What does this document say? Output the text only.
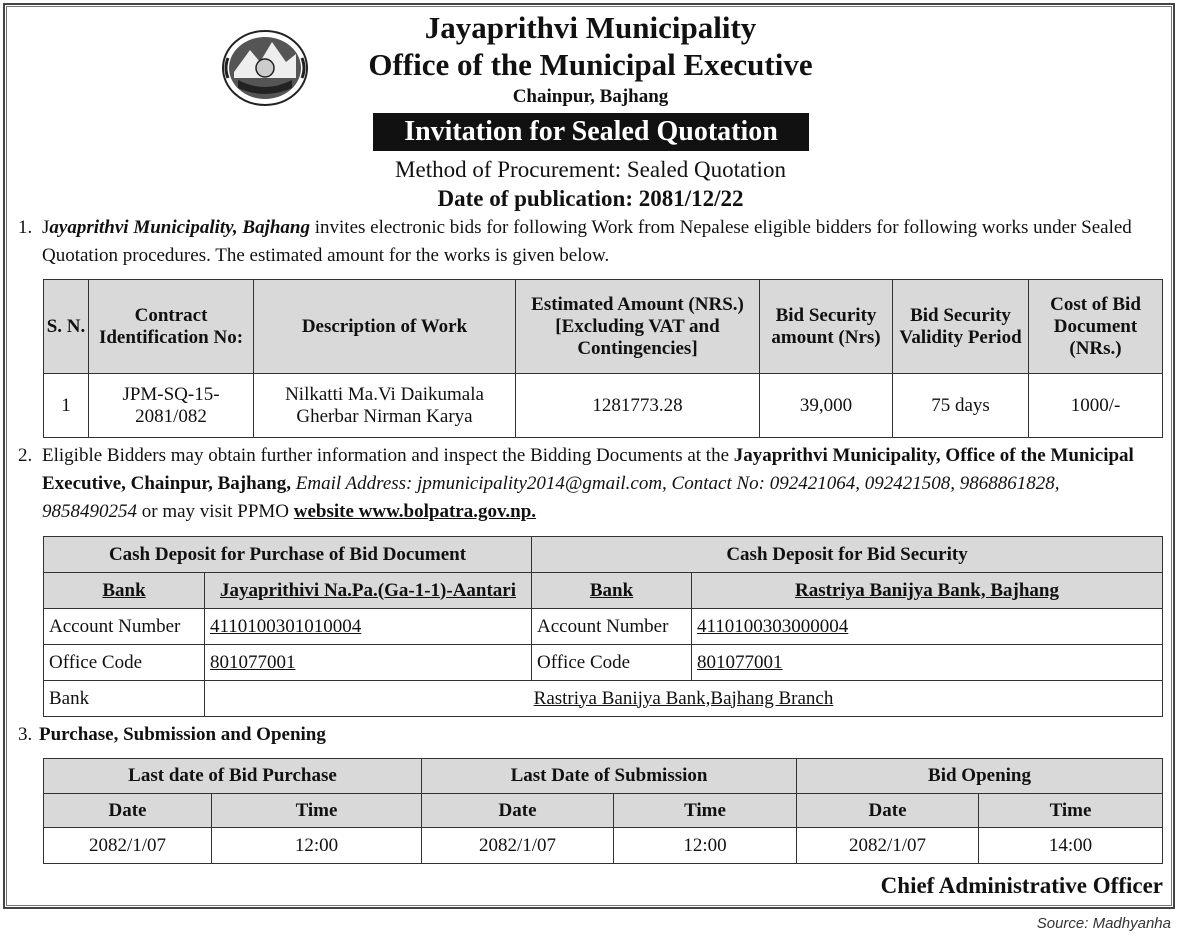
Jayaprithvi Municipality
Office of the Municipal Executive
Chainpur, Bajhang
Invitation for Sealed Quotation
Method of Procurement: Sealed Quotation
Date of publication: 2081/12/22
1. Jayaprithvi Municipality, Bajhang invites electronic bids for following Work from Nepalese eligible bidders for following works under Sealed Quotation procedures. The estimated amount for the works is given below.
S. N.	Contract Identification No:	Description of Work	Estimated Amount (NRS.) [Excluding VAT and Contingencies]	Bid Security amount (Nrs)	Bid Security Validity Period	Cost of Bid Document (NRs.)
1	JPM-SQ-15-2081/082	Nilkatti Ma.Vi Daikumala Gherbar Nirman Karya	1281773.28	39,000	75 days	1000/-
2. Eligible Bidders may obtain further information and inspect the Bidding Documents at the Jayaprithvi Municipality, Office of the Municipal Executive, Chainpur, Bajhang, Email Address: jpmunicipality2014@gmail.com, Contact No: 092421064, 092421508, 9868861828, 9858490254 or may visit PPMO website www.bolpatra.gov.np.
Cash Deposit for Purchase of Bid Document		Cash Deposit for Bid Security	
Bank	Jayaprithivi Na.Pa.(Ga-1-1)-Aantari	Bank	Rastriya Banijya Bank, Bajhang
Account Number	4110100301010004	Account Number	4110100303000004
Office Code	801077001	Office Code	801077001
Bank	Rastriya Banijya Bank,Bajhang Branch		
3. Purchase, Submission and Opening
Last date of Bid Purchase		Last Date of Submission		Bid Opening	
Date	Time	Date	Time	Date	Time
2082/1/07	12:00	2082/1/07	12:00	2082/1/07	14:00
Chief Administrative Officer
Source: Madhyanha
